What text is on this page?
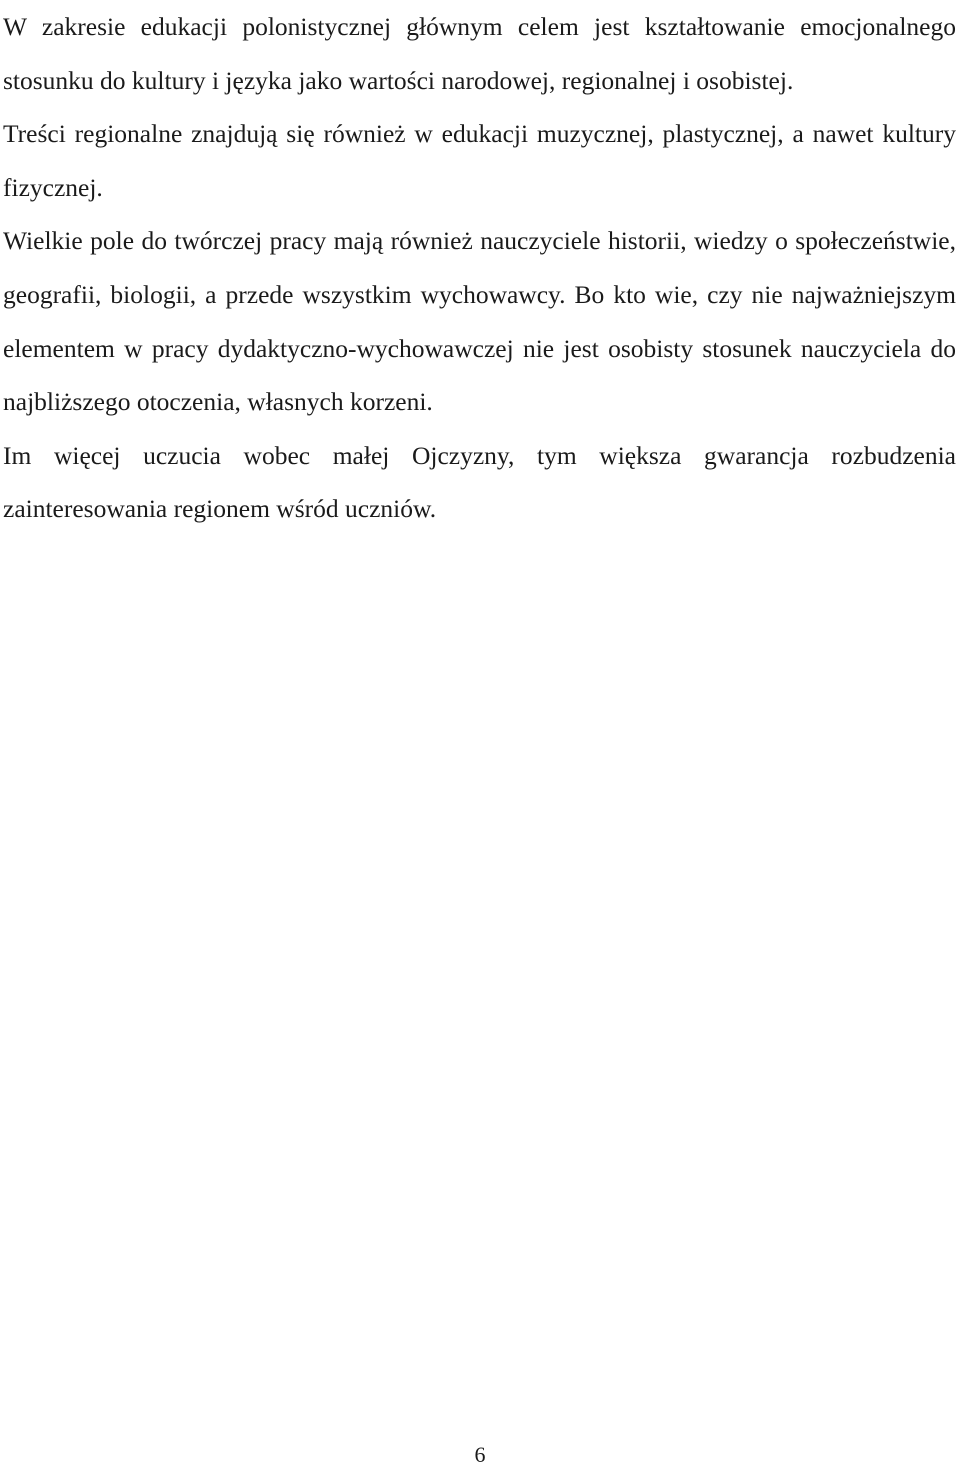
W zakresie edukacji polonistycznej głównym celem jest kształtowanie emocjonalnego stosunku do kultury i języka jako wartości narodowej, regionalnej i osobistej.

Treści regionalne znajdują się również w edukacji muzycznej, plastycznej, a nawet kultury fizycznej.

Wielkie pole do twórczej pracy mają również nauczyciele historii, wiedzy o społeczeństwie, geografii, biologii, a przede wszystkim wychowawcy. Bo kto wie, czy nie najważniejszym elementem w pracy dydaktyczno-wychowawczej nie jest osobisty stosunek nauczyciela do najbliższego otoczenia, własnych korzeni.

Im więcej uczucia wobec małej Ojczyzny, tym większa gwarancja rozbudzenia zainteresowania regionem wśród uczniów.

6
